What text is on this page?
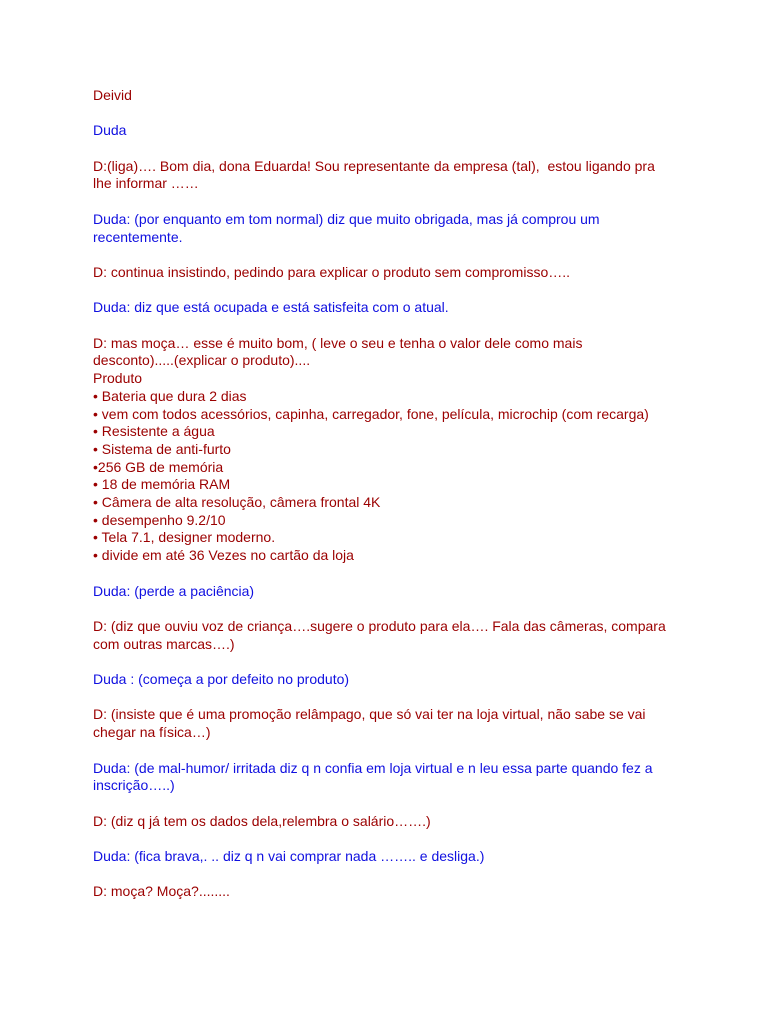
Deivid

Duda

D:(liga)…. Bom dia, dona Eduarda! Sou representante da empresa (tal),  estou ligando pra
lhe informar ……

Duda: (por enquanto em tom normal) diz que muito obrigada, mas já comprou um
recentemente.

D: continua insistindo, pedindo para explicar o produto sem compromisso…..

Duda: diz que está ocupada e está satisfeita com o atual.

D: mas moça… esse é muito bom, ( leve o seu e tenha o valor dele como mais
desconto).....(explicar o produto)....
Produto
• Bateria que dura 2 dias
• vem com todos acessórios, capinha, carregador, fone, película, microchip (com recarga)
• Resistente a água
• Sistema de anti-furto
•256 GB de memória
• 18 de memória RAM
• Câmera de alta resolução, câmera frontal 4K
• desempenho 9.2/10
• Tela 7.1, designer moderno.
• divide em até 36 Vezes no cartão da loja

Duda: (perde a paciência)

D: (diz que ouviu voz de criança….sugere o produto para ela…. Fala das câmeras, compara
com outras marcas….)

Duda : (começa a por defeito no produto)

D: (insiste que é uma promoção relâmpago, que só vai ter na loja virtual, não sabe se vai
chegar na física…)

Duda: (de mal-humor/ irritada diz q n confia em loja virtual e n leu essa parte quando fez a
inscrição…..)

D: (diz q já tem os dados dela,relembra o salário…….)

Duda: (fica brava,. .. diz q n vai comprar nada …….. e desliga.)

D: moça? Moça?........
